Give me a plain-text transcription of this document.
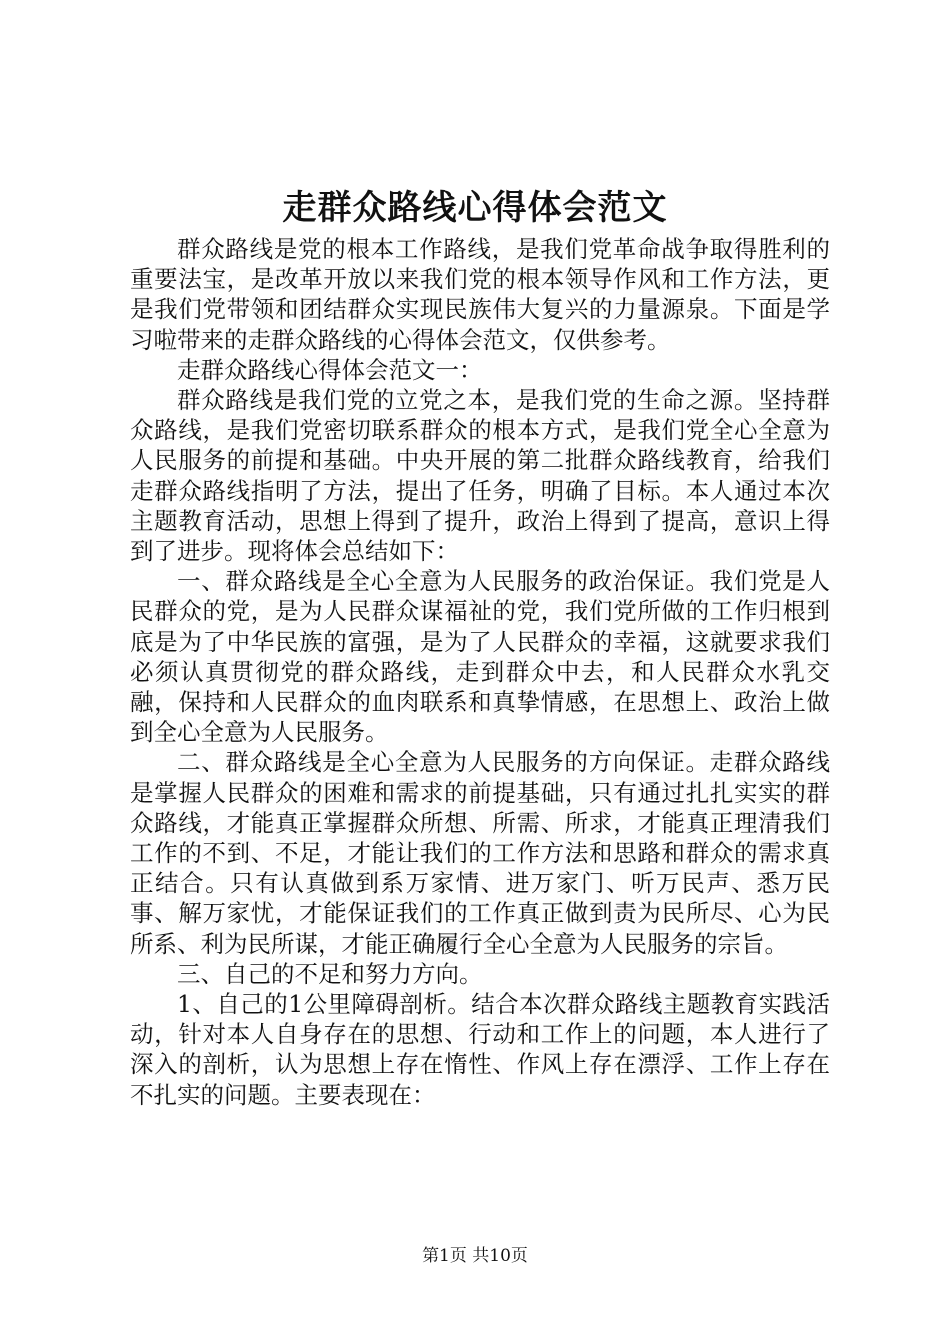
走群众路线心得体会范文

群众路线是党的根本工作路线，是我们党革命战争取得胜利的重要法宝，是改革开放以来我们党的根本领导作风和工作方法，更是我们党带领和团结群众实现民族伟大复兴的力量源泉。下面是学习啦带来的走群众路线的心得体会范文，仅供参考。

走群众路线心得体会范文一：

群众路线是我们党的立党之本，是我们党的生命之源。坚持群众路线，是我们党密切联系群众的根本方式，是我们党全心全意为人民服务的前提和基础。中央开展的第二批群众路线教育，给我们走群众路线指明了方法，提出了任务，明确了目标。本人通过本次主题教育活动，思想上得到了提升，政治上得到了提高，意识上得到了进步。现将体会总结如下：

一、群众路线是全心全意为人民服务的政治保证。我们党是人民群众的党，是为人民群众谋福祉的党，我们党所做的工作归根到底是为了中华民族的富强，是为了人民群众的幸福，这就要求我们必须认真贯彻党的群众路线，走到群众中去，和人民群众水乳交融，保持和人民群众的血肉联系和真挚情感，在思想上、政治上做到全心全意为人民服务。

二、群众路线是全心全意为人民服务的方向保证。走群众路线是掌握人民群众的困难和需求的前提基础，只有通过扎扎实实的群众路线，才能真正掌握群众所想、所需、所求，才能真正理清我们工作的不到、不足，才能让我们的工作方法和思路和群众的需求真正结合。只有认真做到系万家情、进万家门、听万民声、悉万民事、解万家忧，才能保证我们的工作真正做到责为民所尽、心为民所系、利为民所谋，才能正确履行全心全意为人民服务的宗旨。

三、自己的不足和努力方向。

1、自己的1公里障碍剖析。结合本次群众路线主题教育实践活动，针对本人自身存在的思想、行动和工作上的问题，本人进行了深入的剖析，认为思想上存在惰性、作风上存在漂浮、工作上存在不扎实的问题。主要表现在：

第1页 共10页
